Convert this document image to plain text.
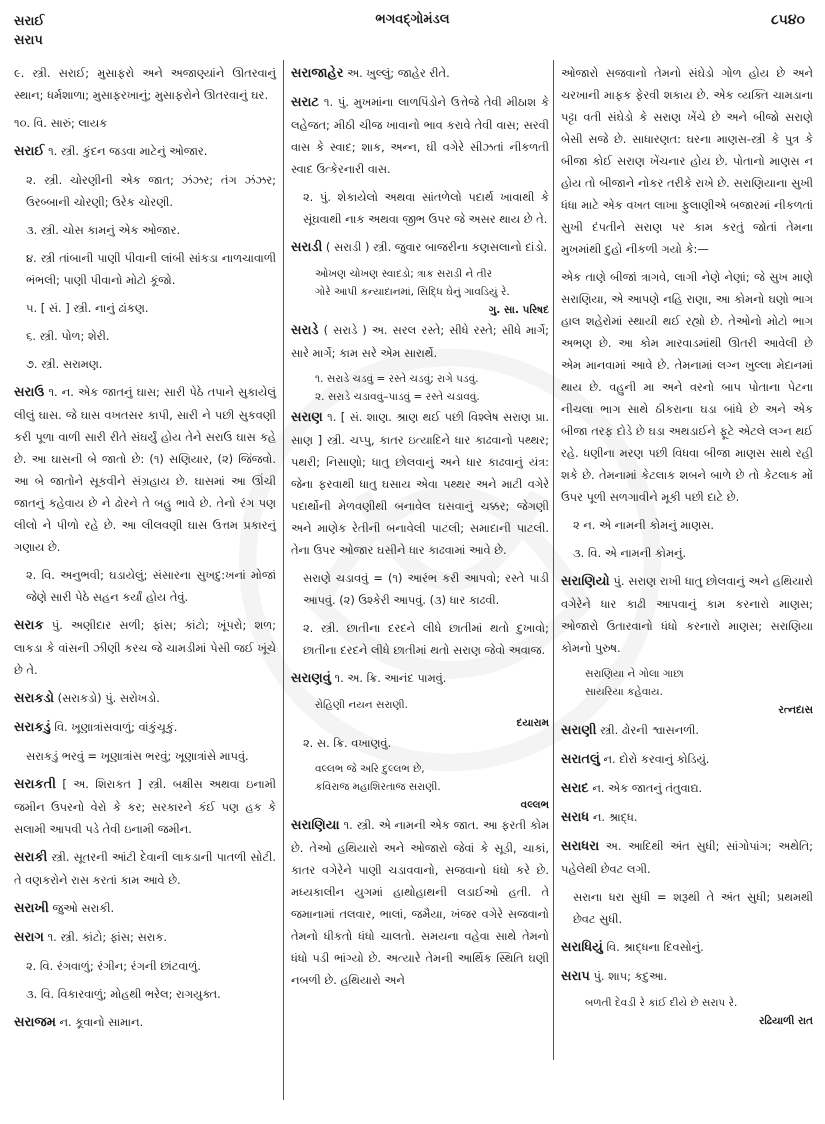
સરાઈ
સરાપ
ભગવદ્ગોમંડલ	૮૫૪૦
૯. સ્ત્રી. સરાઈ; મુસાફરો અને અજાણ્યાંને ઊતરવાનું સ્થાન; ધર્મશાળા; મુસાફરખાનું; મુસાફરોને ઊતરવાનું ઘર.
૧૦. વિ. સારું; લાયક
સરાઈ ૧. સ્ત્રી. કુંદન જડવા માટેનું ઓજાર.
૨. સ્ત્રી. ચોરણીની એક જાત; ઝંઝર; તંગ ઝંઝર; ઉરબ્બાની ચોરણી; ઉરેક ચોરણી.
૩. સ્ત્રી. ચોસ કામનું એક ઓજાર.
૪. સ્ત્રી તાંબાની પાણી પીવાની લાંબી સાંકડા નાળચાવાળી ભંભલી; પાણી પીવાનો મોટો કૂંજો.
૫. [ સં. ] સ્ત્રી. નાનું ઢાંકણ.
૬. સ્ત્રી. પોળ; શેરી.
૭. સ્ત્રી. સરામણ.
સરાઉ ૧. ન. એક જાતનું ઘાસ; સારી પેઠે તપાને સુકાયેલું લીલું ઘાસ. જે ઘાસ વખતસર કાપી, સારી ને પછી સુકવણી કરી પૂળા વાળી સારી રીતે સંઘર્યું હોય તેને સરાઉ ઘાસ કહે છે. આ ઘાસની બે જાતો છે: (૧) સણિયાર, (૨) જિંજવો. આ બે જાતોને સૂકવીને સંગ્રહાય છે. ઘાસમાં આ ઊંચી જાતનું કહેવાય છે ને ઢોરને તે બહુ ભાવે છે. તેનો રંગ પણ લીલો ને પીળો રહે છે. આ લીલવણી ઘાસ ઉત્તમ પ્રકારનું ગણાય છે.
૨. વિ. અનુભવી; ઘડાયેલું; સંસારના સુખદુ:ખનાં મોજાં જેણે સારી પેઠે સહન કર્યાં હોય તેવું.
સરાક પું. અણીદાર સળી; ફાંસ; કાંટો; ખૂંપરો; શળ; લાકડા કે વાંસની ઝીણી કરચ જે ચામડીમાં પેસી જઈ ખૂંચે છે તે.
સરાકડો (સરાકડો) પું. સરોખડો.
સરાકડું વિ. ખૂણાત્રાંસવાળું; વાંકુંચૂકું.
સરાકડું ભરવું = ખૂણાત્રાંસ ભરવું; ખૂણાત્રાંસે માપવું.
સરાકતી [ અ. શિરાકત ] સ્ત્રી. બક્ષીસ અથવા ઇનામી જમીન ઉપરનો વેરો કે કર; સરકારને કંઈ પણ હક કે સલામી આપવી પડે તેવી ઇનામી જમીન.
સરાકી સ્ત્રી. સૂતરની આંટી દેવાની લાકડાની પાતળી સોટી. તે વણકરોને રાસ કરતાં કામ આવે છે.
સરાખી જુઓ સરાકી.
સરાગ ૧. સ્ત્રી. કાંટો; ફાંસ; સરાક.
૨. વિ. રંગવાળું; રંગીન; રંગની છાંટવાળું.
૩. વિ. વિકારવાળું; મોહથી ભરેલ; રાગયુક્ત.
સરાજમ ન. કૂવાનો સામાન.
સરાજાહેર અ. ખુલ્લું; જાહેર રીતે.
સરાટ ૧. પું. મુખમાંના લાળપિંડોને ઉત્તેજે તેવી મીઠાશ કે લહેજત; મીઠી ચીજ ખાવાનો ભાવ કરાવે તેવી વાસ; સરવી વાસ કે સ્વાદ; શાક, અન્ન, ઘી વગેરે સીઝતાં નીકળતી સ્વાદ ઉત્કેરનારી વાસ.
૨. પું. શેકાયેલો અથવા સાંતળેલો પદાર્થ ખાવાથી કે સૂંઘવાથી નાક અથવા જીભ ઉપર જે અસર થાય છે તે.
સરાડી ( સરાડી ) સ્ત્રી. જુવાર બાજરીના કણસલાનો દાંડો.
ઓખણ ચોખણ સ્વાદડો; ત્રાક સરાડી ને તીર
ગોરે આપી કન્યાદાનમાં, સિદ્ધિ ઘેનું ગાવડિયું રે.
ગુ. સા. પરિષદ
સરાડે ( સરાડે ) અ. સરલ રસ્તે; સીધે રસ્તે; સીધે માર્ગે; સારે માર્ગે; કામ સરે એમ સારાર્થે.
૧. સરાડે ચડવું = રસ્તે ચડવું; રાગે પડવું.
૨. સરાડે ચડાવવું–પાડવું = રસ્તે ચડાવવું.
સરાણ ૧. [ સં. શાણ. શ્રાણ થઈ પછી વિશ્લેષ સરાણ પ્રા. સાણ ] સ્ત્રી. ચપ્પુ, કાતર ઇત્યાદિને ધાર કાઢવાનો પથ્થર; પથરી; નિસાણો; ધાતુ છોલવાનું અને ધાર કાઢવાનું યંત્ર: જેના ફરવાથી ધાતુ ઘસાય એવા પથ્થર અને માટી વગેરે પદાર્થોની મેળવણીથી બનાવેલ ઘસવાનું ચક્કર; જેગણી અને માણેક રેતીની બનાવેલી પાટલી; સમાદાની પાટલી. તેના ઉપર ઓજાર ઘસીને ધાર કાઢવામાં આવે છે.
સરાણે ચડાવવું = (૧) આરંભ કરી આપવો; રસ્તે પાડી આપવું. (૨) ઉશ્કેરી આપવું. (૩) ધાર કાઢવી.
૨. સ્ત્રી. છાતીના દરદને લીધે છાતીમાં થતો દુખાવો; છાતીના દરદને લીધે છાતીમાં થતો સરાણ જેવો અવાજ.
સરાણવું ૧. અ. ક્રિ. આનંદ પામવું.
રોહિણી નયન સરાણી.
દયારામ
૨. સ. ક્રિ. વખાણવું.
વલ્લભ જે અરિ દુલ્લભ છે,
કવિરાજ મહાશિરતાજ સરાણી.
વલ્લભ
સરાણિયા ૧. સ્ત્રી. એ નામની એક જાત. આ ફરતી કોમ છે. તેઓ હથિયારો અને ઓજારો જેવાં કે સૂડી, ચાકાં, કાતર વગેરેને પાણી ચડાવવાનો, સજવાનો ધંધો કરે છે. મધ્યકાલીન યુગમાં હાથોહાથની લડાઈઓ હતી. તે જમાનામાં તલવાર, ભાલાં, જમૈયા, ખંજર વગેરે સજવાનો તેમનો ધીકતો ધંધો ચાલતો. સમયના વહેવા સાથે તેમનો ધંધો પડી ભાંગ્યો છે. અત્યારે તેમની આર્થિક સ્થિતિ ઘણી નબળી છે. હથિયારો અને
ઓજારો સજવાનો તેમનો સંઘેડો ગોળ હોય છે અને ચરખાની માફક ફેરવી શકાય છે. એક વ્યક્તિ ચામડાના પટ્ટા વતી સંઘેડો કે સરાણ ખેંચે છે અને બીજો સરાણે બેસી સજે છે. સાધારણત: ઘરના માણસ-સ્ત્રી કે પુત્ર કે બીજા કોઈ સરાણ ખેંચનાર હોય છે. પોતાનો માણસ ન હોય તો બીજાને નોકર તરીકે રાખે છે. સરાણિયાના સુખી ધંધા માટે એક વખત લાખા ફુલાણીએ બજારમાં નીકળતાં સુખી દંપતીને સરાણ પર કામ કરતું જોતાં તેમના મુખમાંથી દુહો નીકળી ગયો કે:—
એક તાણે બીજાં ત્રાગવે, લાગી નેણે નેણાં; જે સુખ માણે સરાણિયા, એ આપણે નહિ રાણા, આ કોમનો ઘણો ભાગ હાલ શહેરોમાં સ્થાયી થઈ રહ્યો છે. તેઓનો મોટો ભાગ અભણ છે. આ કોમ મારવાડમાંથી ઊતરી આવેલી છે એમ માનવામાં આવે છે. તેમનામાં લગ્ન ખુલ્લા મેદાનમાં થાય છે. વહુની મા અને વરનો બાપ પોતાના પેટના નીચલા ભાગ સાથે ઠીકરાના ઘડા બાંધે છે અને એક બીજા તરફ દોડે છે ઘડા અથડાઈને ફૂટે એટલે લગ્ન થઈ રહે. ધણીના મરણ પછી વિધવા બીજા માણસ સાથે રહી શકે છે. તેમનામાં કેટલાક શબને બાળે છે તો કેટલાક મોં ઉપર પૂળી સળગાવીને મૂકી પછી દાટે છે.
૨ ન. એ નામની કોમનું માણસ.
૩. વિ. એ નામની કોમનું.
સરાણિયો પું. સરાણ રાખી ધાતુ છોલવાનું અને હથિયારો વગેરેને ધાર કાઢી આપવાનું કામ કરનારો માણસ; ઓજારો ઉતારવાનો ધંધો કરનારો માણસ; સરાણિયા કોમનો પુરુષ.
સરાણિયા ને ગોલા ગાછા
સાયરિયા કહેવાય.
રત્નદાસ
સરાણી સ્ત્રી. ઢોરની શ્વાસનળી.
સરાતલું ન. દોરો કરવાનું કોડિયું.
સરાદ ન. એક જાતનું તંતુવાદ્ય.
સરાધ ન. શ્રાદ્ધ.
સરાધરા અ. આદિથી અંત સુધી; સાંગોપાંગ; અથેતિ; પહેલેથી છેવટ લગી.
સરાના ધરા સુધી = શરૂથી તે અંત સુધી; પ્રથમથી છેવટ સુધી.
સરાધિયું વિ. શ્રાદ્ધના દિવસોનું.
સરાપ પું. શાપ; કદુઆ.
બળતી દેવડી રે કાંઈ દીયે છે સરાપ રે.
રઢિયાળી રાત
